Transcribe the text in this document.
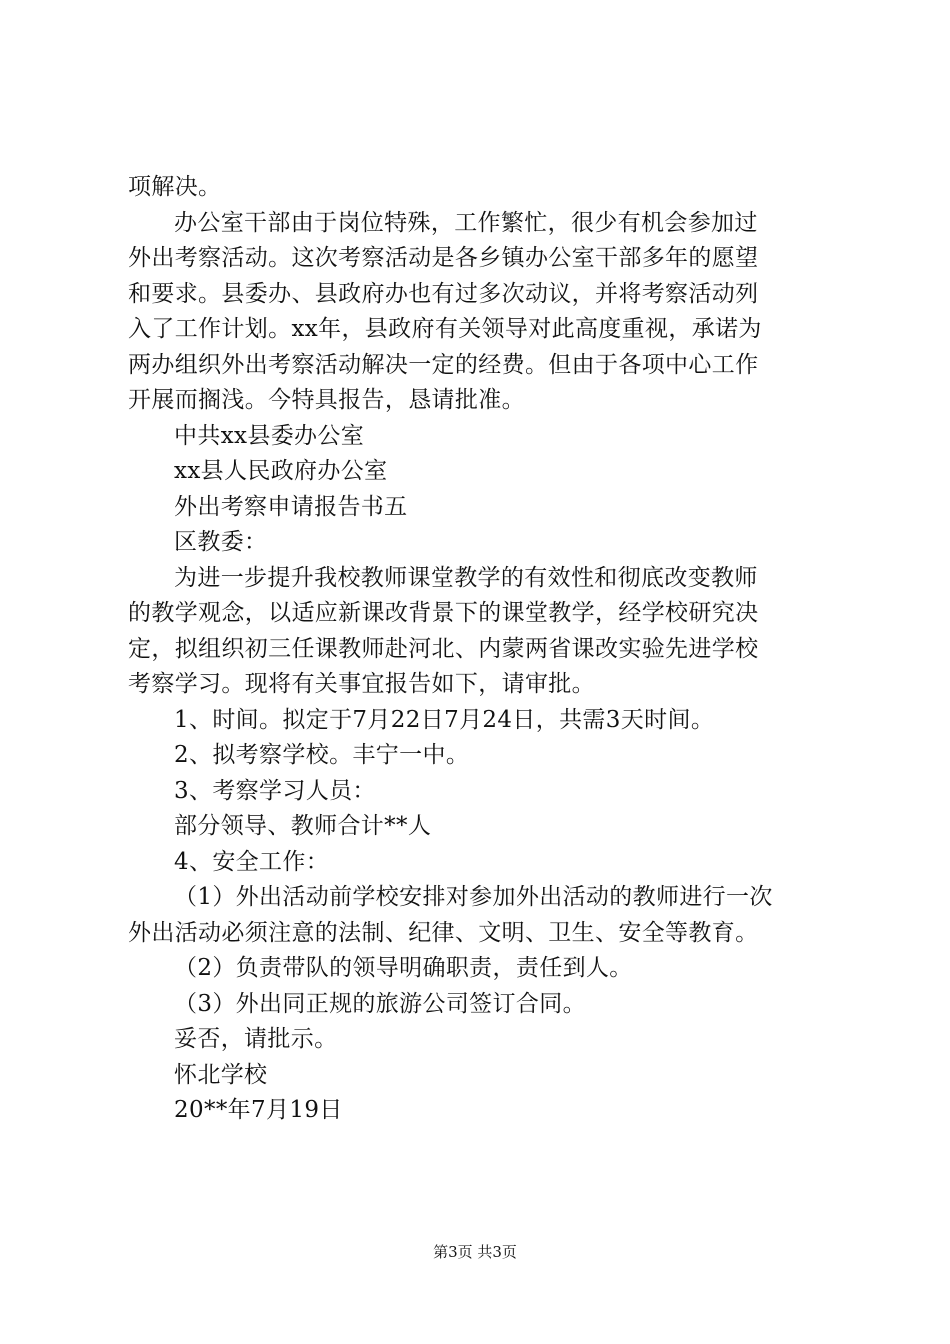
项解决。
办公室干部由于岗位特殊，工作繁忙，很少有机会参加过
外出考察活动。这次考察活动是各乡镇办公室干部多年的愿望
和要求。县委办、县政府办也有过多次动议，并将考察活动列
入了工作计划。xx年，县政府有关领导对此高度重视，承诺为
两办组织外出考察活动解决一定的经费。但由于各项中心工作
开展而搁浅。今特具报告，恳请批准。
中共xx县委办公室
xx县人民政府办公室
外出考察申请报告书五
区教委：
为进一步提升我校教师课堂教学的有效性和彻底改变教师
的教学观念，以适应新课改背景下的课堂教学，经学校研究决
定，拟组织初三任课教师赴河北、内蒙两省课改实验先进学校
考察学习。现将有关事宜报告如下，请审批。
1、时间。拟定于7月22日7月24日，共需3天时间。
2、拟考察学校。丰宁一中。
3、考察学习人员：
部分领导、教师合计**人
4、安全工作：
（1）外出活动前学校安排对参加外出活动的教师进行一次
外出活动必须注意的法制、纪律、文明、卫生、安全等教育。
（2）负责带队的领导明确职责，责任到人。
（3）外出同正规的旅游公司签订合同。
妥否，请批示。
怀北学校
20**年7月19日
第3页 共3页
